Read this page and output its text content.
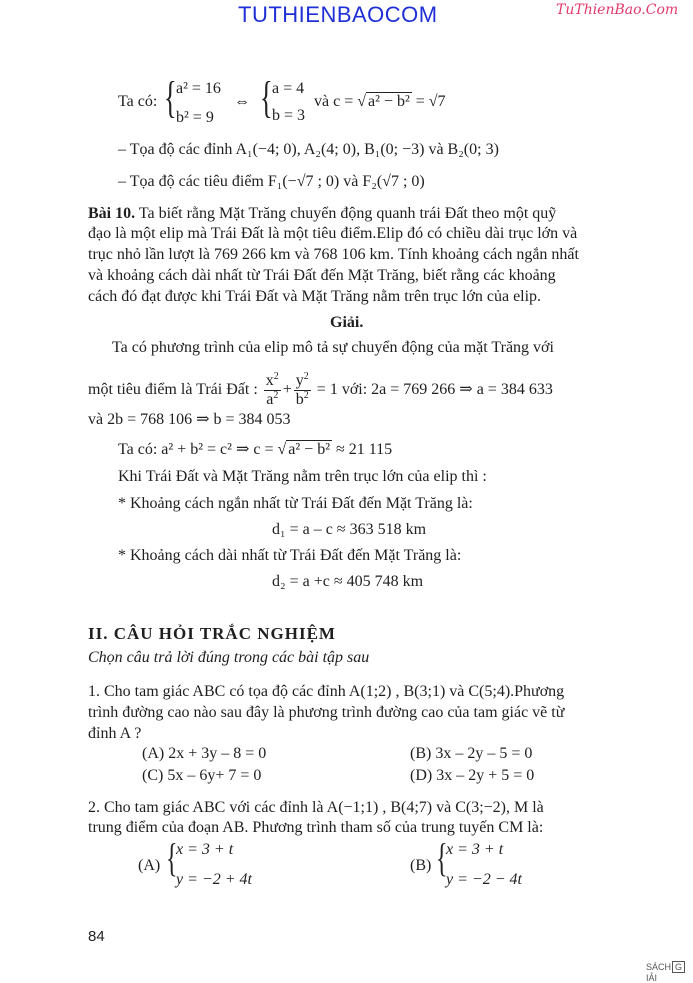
TUTHIENBAOCOM	TuThienBao.Com
Ta có: { a² = 16
b² = 9
⇔ { a = 4
b = 3
và c = √ a² − b² = √7
– Tọa độ các đỉnh A₁(−4; 0), A₂(4; 0), B₁(0; −3) và B₂(0; 3)
– Tọa độ các tiêu điểm F₁(−√7 ; 0) và F₂(√7 ; 0)
Bài 10. Ta biết rằng Mặt Trăng chuyển động quanh trái Đất theo một quỹ
đạo là một elip mà Trái Đất là một tiêu điểm.Elip đó có chiều dài trục lớn và
trục nhỏ lần lượt là 769 266 km và 768 106 km. Tính khoảng cách ngắn nhất
và khoảng cách dài nhất từ Trái Đất đến Mặt Trăng, biết rằng các khoảng
cách đó đạt được khi Trái Đất và Mặt Trăng nằm trên trục lớn của elip.
Giải.
Ta có phương trình của elip mô tả sự chuyển động của mặt Trăng với
một tiêu điểm là Trái Đất : $\frac{x^2}{a^2} + \frac{y^2}{b^2} = 1$ với: 2a = 769 266 ⇒ a = 384 633
và 2b = 768 106 ⇒ b = 384 053
Ta có: a² + b² = c² ⇒ c = √ a² − b² ≈ 21 115
Khi Trái Đất và Mặt Trăng nằm trên trục lớn của elip thì :
* Khoảng cách ngắn nhất từ Trái Đất đến Mặt Trăng là:
d₁ = a – c ≈ 363 518 km
* Khoảng cách dài nhất từ Trái Đất đến Mặt Trăng là:
d₂ = a +c ≈ 405 748 km
II. CÂU HỎI TRẮC NGHIỆM
Chọn câu trả lời đúng trong các bài tập sau
1. Cho tam giác ABC có tọa độ các đỉnh A(1;2) , B(3;1) và C(5;4).Phương
trình đường cao nào sau đây là phương trình đường cao của tam giác vẽ từ
đỉnh A ?
(A) 2x + 3y – 8 = 0	(B) 3x – 2y – 5 = 0
(C) 5x – 6y+ 7 = 0	(D) 3x – 2y + 5 = 0
2. Cho tam giác ABC với các đỉnh là A(−1;1) , B(4;7) và C(3;−2), M là
trung điểm của đoạn AB. Phương trình tham số của trung tuyến CM là:
(A) {
x = 3 + t
y = −2 + 4t
(B) {
x = 3 + t
y = −2 − 4t
84
SÁCH GIẢI
